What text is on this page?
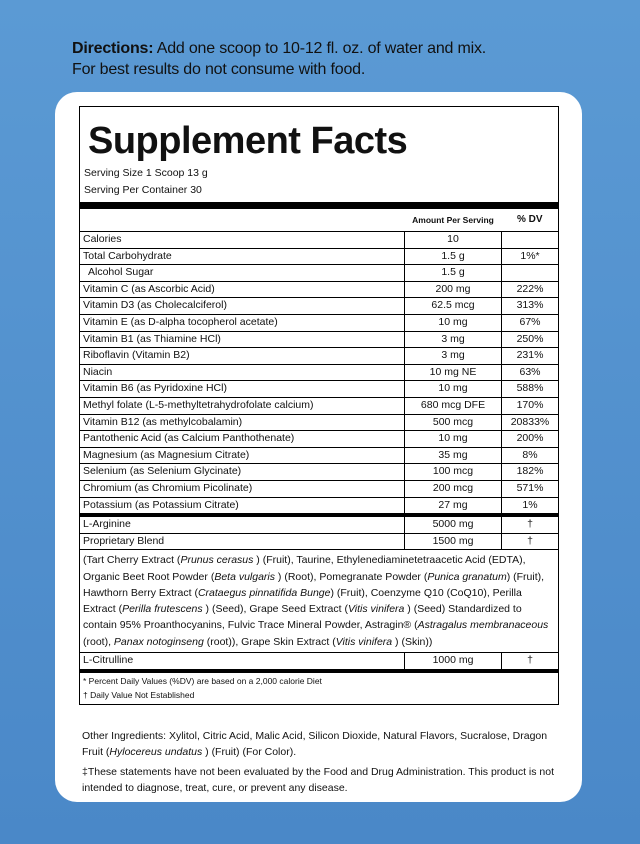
Directions: Add one scoop to 10-12 fl. oz. of water and mix.
For best results do not consume with food.
Supplement Facts
Serving Size 1 Scoop 13 g
Serving Per Container 30
	Amount Per Serving	% DV
Calories	10	
Total Carbohydrate	1.5 g	1%*
Alcohol Sugar	1.5 g	
Vitamin C (as Ascorbic Acid)	200 mg	222%
Vitamin D3 (as Cholecalciferol)	62.5 mcg	313%
Vitamin E (as D-alpha tocopherol acetate)	10 mg	67%
Vitamin B1 (as Thiamine HCl)	3 mg	250%
Riboflavin (Vitamin B2)	3 mg	231%
Niacin	10 mg NE	63%
Vitamin B6 (as Pyridoxine HCl)	10 mg	588%
Methyl folate (L-5-methyltetrahydrofolate calcium)	680 mcg DFE	170%
Vitamin B12 (as methylcobalamin)	500 mcg	20833%
Pantothenic Acid (as Calcium Panthothenate)	10 mg	200%
Magnesium (as Magnesium Citrate)	35 mg	8%
Selenium (as Selenium Glycinate)	100 mcg	182%
Chromium (as Chromium Picolinate)	200 mcg	571%
Potassium (as Potassium Citrate)	27 mg	1%
L-Arginine	5000 mg	†
Proprietary Blend	1500 mg	†
(Tart Cherry Extract (Prunus cerasus ) (Fruit), Taurine, Ethylenediaminetetraacetic Acid (EDTA), Organic Beet Root Powder (Beta vulgaris ) (Root), Pomegranate Powder (Punica granatum) (Fruit), Hawthorn Berry Extract (Crataegus pinnatifida Bunge) (Fruit), Coenzyme Q10 (CoQ10), Perilla Extract (Perilla frutescens ) (Seed), Grape Seed Extract (Vitis vinifera ) (Seed) Standardized to contain 95% Proanthocyanins, Fulvic Trace Mineral Powder, Astragin® (Astragalus membranaceous (root), Panax notoginseng (root)), Grape Skin Extract (Vitis vinifera ) (Skin))
L-Citrulline	1000 mg	†
* Percent Daily Values (%DV) are based on a 2,000 calorie Diet
† Daily Value Not Established
Other Ingredients: Xylitol, Citric Acid, Malic Acid, Silicon Dioxide, Natural Flavors, Sucralose, Dragon Fruit (Hylocereus undatus ) (Fruit) (For Color).
‡These statements have not been evaluated by the Food and Drug Administration. This product is not intended to diagnose, treat, cure, or prevent any disease.
